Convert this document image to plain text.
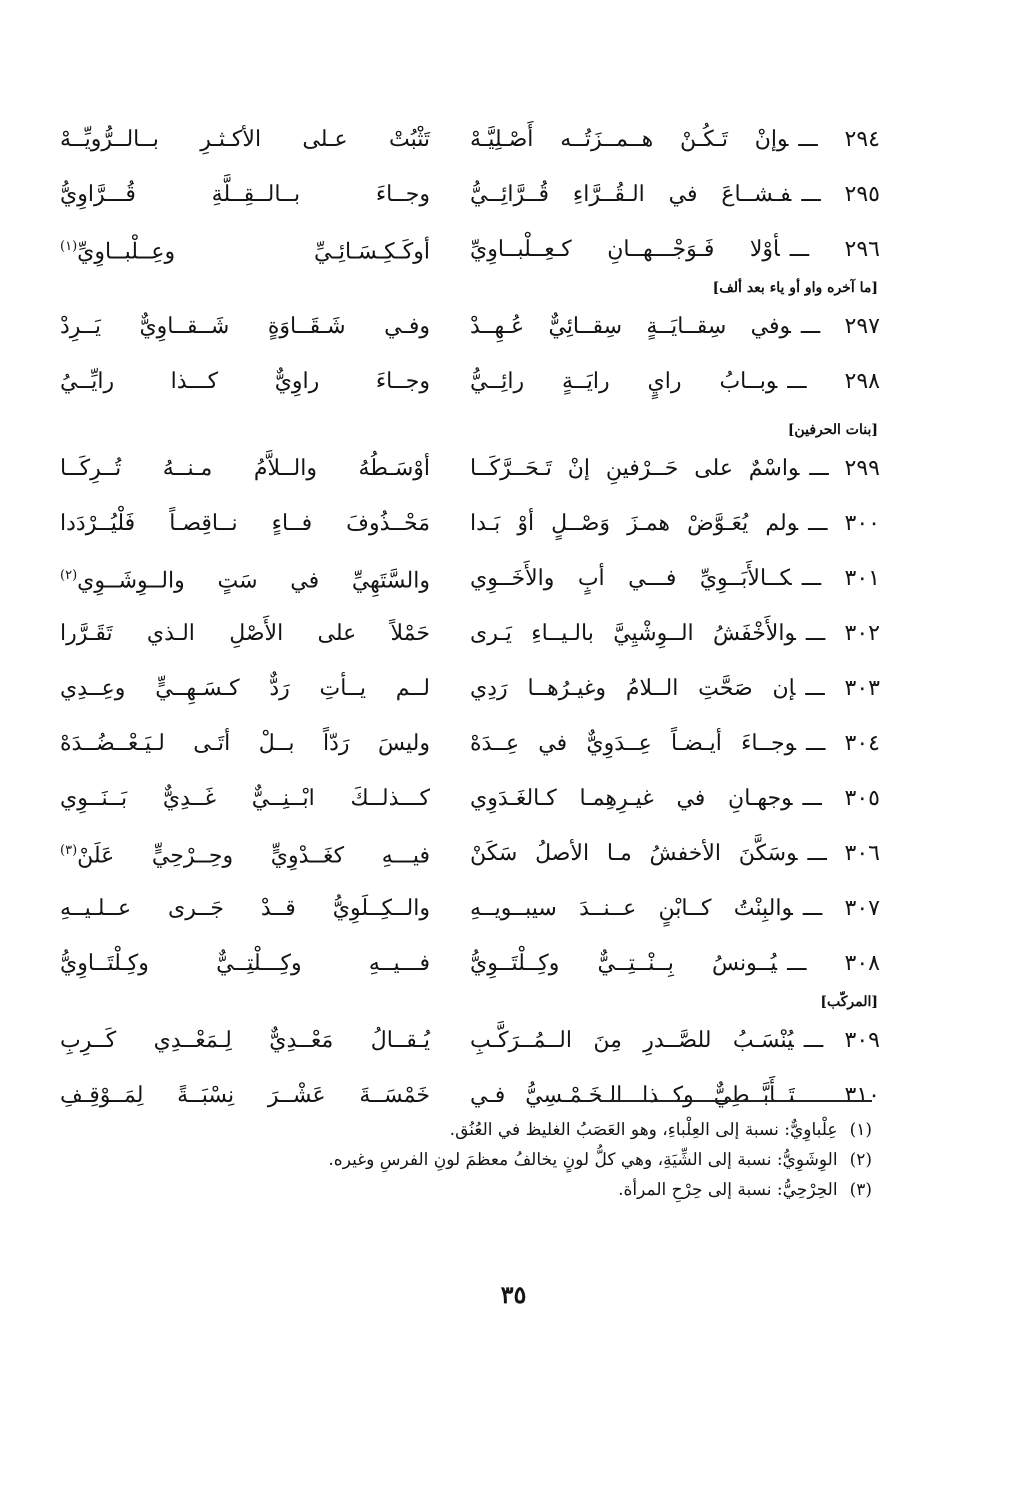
٢٩٤ ـــوإنْ تَـكُـنْ هــمــزَتُــه أَصْـلِيَّـهْ
تَثْبُتْ عـلى الأكـثـرِ بــالــرُّويِّــهْ
٢٩٥ ـــفـشــاعَ في الـقُــرَّاءِ قُــرَّائِــيُّ
وجــاءَ بــالــقِــلَّةِ قُـــرَّاوِيُّ
٢٩٦ ـــأوْلا فَـوَجْـــهــانِ كـعِــلْبــاوِيِّ
أوكَـكِـسَـائِـيِّ وعِــلْبــاوِيِّ$^{(١)}$
[ما آخره واو أو ياء بعد ألف]
٢٩٧ ـــوفي سِقــايَــةٍ سِقــائِيٌّ عُـهِــدْ
وفـي شَـقَــاوَةٍ شَــقــاوِيٌّ يَــرِدْ
٢٩٨ ـــوبــابُ رايٍ رايَــةٍ رائِــيُّ
وجــاءَ راوِيٌّ كـــذا رايِّــيُ
[بنات الحرفين]
٢٩٩ ـــواسْمٌ على حَــرْفينِ إنْ تَـحَــرَّكَــا
أوْسَـطُهُ والــلاَّمُ مـنــهُ تُــرِكَــا
٣٠٠ ـــولم يُعَـوَّضْ همـزَ وَصْــلٍ أوْ بَـدا
مَحْــذُوفَ فــاءٍ نــاقِصـاً فَلْيُــرْدَدا
٣٠١ ـــكــالأَبَــوِيِّ فـــي أبٍ والأَخَــوِي
والسَّتَهِيِّ في سَتٍ والــوِشَــوِي$^{(٢)}$
٣٠٢ ـــوالأَخْفَشُ الــوِشْيِيَّ بالـيــاءِ يَـرى
حَمْلاً على الأَصْلِ الـذي تَقَـرَّرا
٣٠٣ ـــإن صَحَّتِ الــلامُ وغيـرُهــا رَدِي
لــم يــأتِ رَدٌّ كـسَـهِــيٍّ وعِــدِي
٣٠٤ ـــوجــاءَ أيـضـاً عِــدَوِيٌّ في عِــدَهْ
وليسَ رَدّاً بــلْ أتَـى لـيَـعْــضُــدَهْ
٣٠٥ ـــوجهـانِ في غيـرِهِمـا كـالغَـدَوِي
كـــذلــكَ ابْــنِــيٌّ غَــدِيٌّ بَــنَــوِي
٣٠٦ ـــوسَكَّنَ الأخفشُ مـا الأصلُ سَكَنْ
فيـــهِ كغَــدْوِيٍّ وحِــرْحِيٍّ عَلَنْ$^{(٣)}$
٣٠٧ ـــوالبِنْتُ كــابْنٍ عــنــدَ سيبــويــهِ
والــكِــلَوِيُّ قــدْ جَــرى عــلـيــهِ
٣٠٨ ـــيُــونسُ بِــنْــتِــيٌّ وكِــلْتَــوِيُّ
فـــيــهِ وكِـــلْتِــيٌّ وكِـلْتَــاوِيُّ
[المركّب]
٣٠٩ ـــيُنْسَـبُ للصَّــدرِ مِنَ الــمُــرَكَّـبِ
يُـقــالُ مَعْــدِيٌّ لِـمَعْــدِي كَــرِبِ
٣١٠ ـــتَــأَبَّــطِيٌّ وكــذا الـخَـمْـسِيُّ فـي
خَمْسَــةَ عَشْــرَ نِسْبَــةً لِمَــوْقِـفِ
(١)عِلْباوِيٌّ: نسبة إلى العِلْباءِ، وهو العَصَبُ الغليظ في العُنُق.
(٢)الوِشَوِيُّ: نسبة إلى الشِّيَةِ، وهي كلُّ لونٍ يخالفُ معظمَ لونِ الفرسِ وغيره.
(٣)الحِرْحِيُّ: نسبة إلى حِرْحِ المرأة.
٣٥
